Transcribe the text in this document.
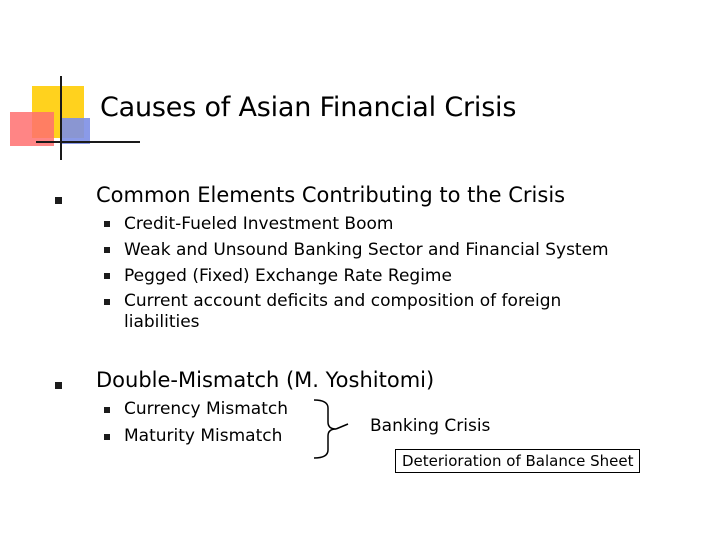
Causes of Asian Financial Crisis
Common Elements Contributing to the Crisis
Credit-Fueled Investment Boom
Weak and Unsound Banking Sector and Financial System
Pegged (Fixed) Exchange Rate Regime
Current account deficits and composition of foreign liabilities
Double-Mismatch (M. Yoshitomi)
Currency Mismatch
Maturity Mismatch	Banking Crisis
Deterioration of Balance Sheet
